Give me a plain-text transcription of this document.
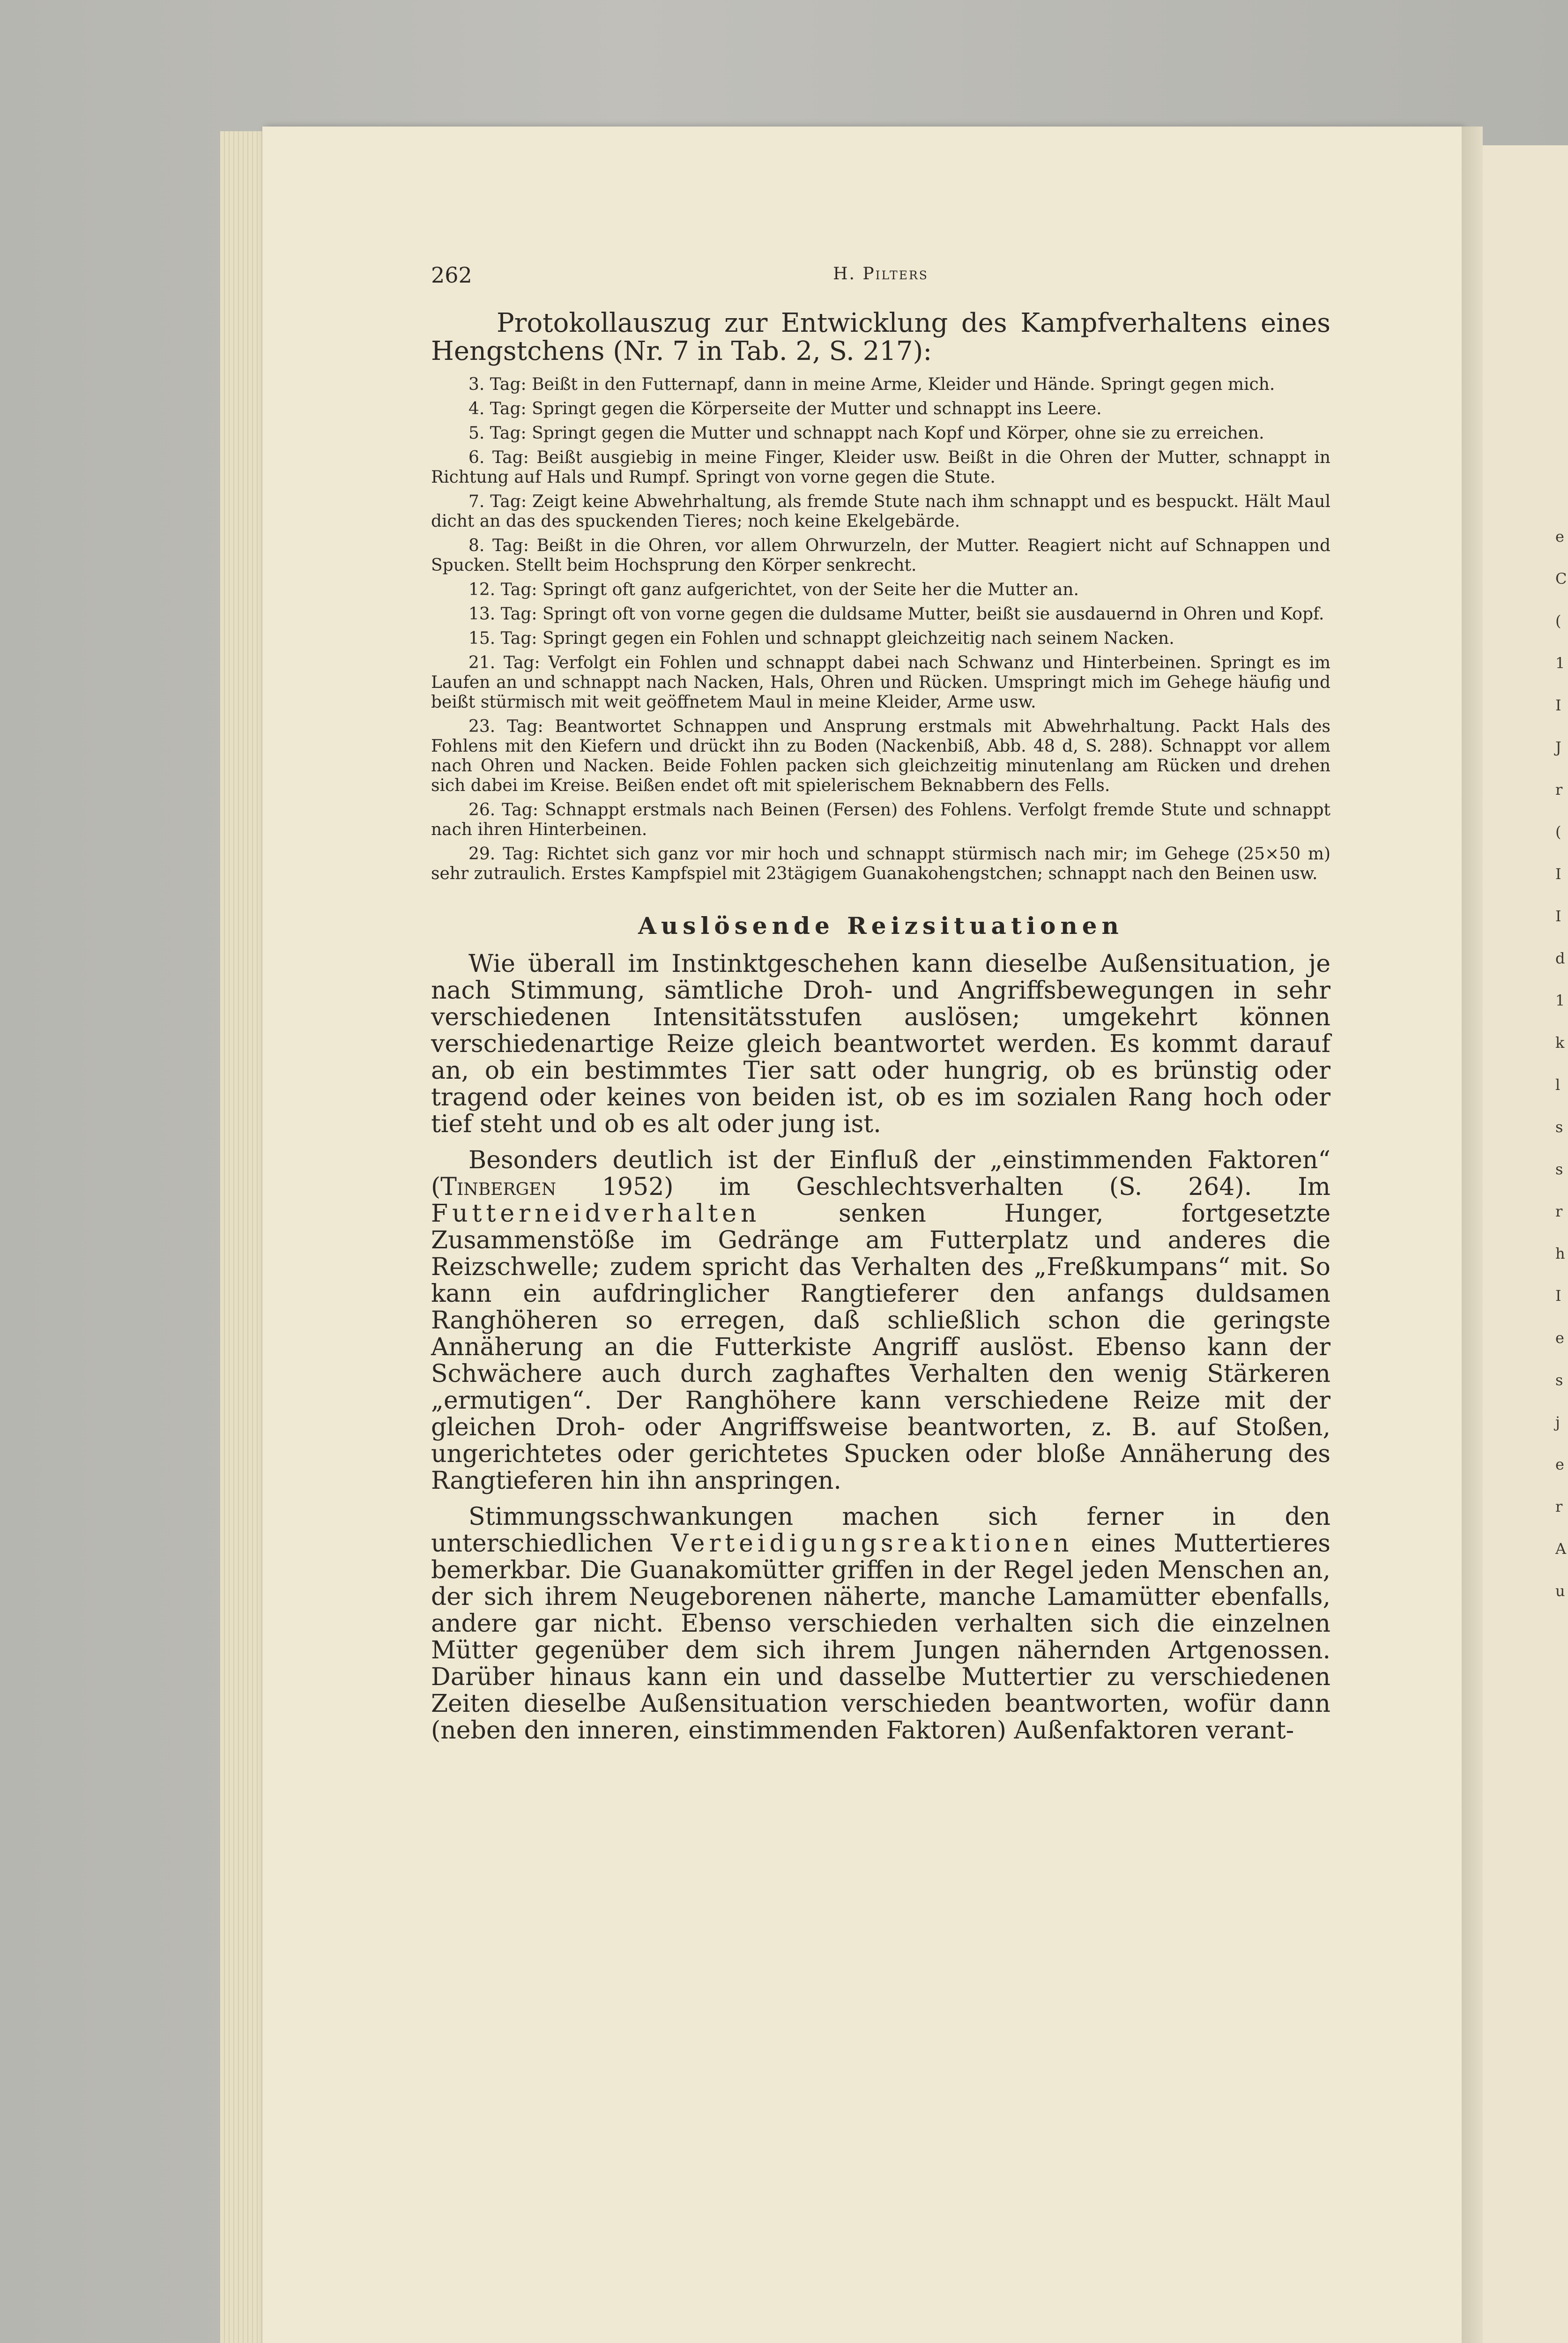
262	H. Pilters

Protokollauszug zur Entwicklung des Kampfverhaltens eines Hengstchens (Nr. 7 in Tab. 2, S. 217):

3. Tag: Beißt in den Futternapf, dann in meine Arme, Kleider und Hände. Springt gegen mich.

4. Tag: Springt gegen die Körperseite der Mutter und schnappt ins Leere.

5. Tag: Springt gegen die Mutter und schnappt nach Kopf und Körper, ohne sie zu erreichen.

6. Tag: Beißt ausgiebig in meine Finger, Kleider usw. Beißt in die Ohren der Mutter, schnappt in Richtung auf Hals und Rumpf. Springt von vorne gegen die Stute.

7. Tag: Zeigt keine Abwehrhaltung, als fremde Stute nach ihm schnappt und es bespuckt. Hält Maul dicht an das des spuckenden Tieres; noch keine Ekelgebärde.

8. Tag: Beißt in die Ohren, vor allem Ohrwurzeln, der Mutter. Reagiert nicht auf Schnappen und Spucken. Stellt beim Hochsprung den Körper senkrecht.

12. Tag: Springt oft ganz aufgerichtet, von der Seite her die Mutter an.

13. Tag: Springt oft von vorne gegen die duldsame Mutter, beißt sie ausdauernd in Ohren und Kopf.

15. Tag: Springt gegen ein Fohlen und schnappt gleichzeitig nach seinem Nacken.

21. Tag: Verfolgt ein Fohlen und schnappt dabei nach Schwanz und Hinterbeinen. Springt es im Laufen an und schnappt nach Nacken, Hals, Ohren und Rücken. Umspringt mich im Gehege häufig und beißt stürmisch mit weit geöffnetem Maul in meine Kleider, Arme usw.

23. Tag: Beantwortet Schnappen und Ansprung erstmals mit Abwehrhaltung. Packt Hals des Fohlens mit den Kiefern und drückt ihn zu Boden (Nackenbiß, Abb. 48 d, S. 288). Schnappt vor allem nach Ohren und Nacken. Beide Fohlen packen sich gleichzeitig minutenlang am Rücken und drehen sich dabei im Kreise. Beißen endet oft mit spielerischem Beknabbern des Fells.

26. Tag: Schnappt erstmals nach Beinen (Fersen) des Fohlens. Verfolgt fremde Stute und schnappt nach ihren Hinterbeinen.

29. Tag: Richtet sich ganz vor mir hoch und schnappt stürmisch nach mir; im Gehege (25×50 m) sehr zutraulich. Erstes Kampfspiel mit 23tägigem Guanakohengstchen; schnappt nach den Beinen usw.

Auslösende Reizsituationen

Wie überall im Instinktgeschehen kann dieselbe Außensituation, je nach Stimmung, sämtliche Droh- und Angriffsbewegungen in sehr verschiedenen Intensitätsstufen auslösen; umgekehrt können verschiedenartige Reize gleich beantwortet werden. Es kommt darauf an, ob ein bestimmtes Tier satt oder hungrig, ob es brünstig oder tragend oder keines von beiden ist, ob es im sozialen Rang hoch oder tief steht und ob es alt oder jung ist.

Besonders deutlich ist der Einfluß der „einstimmenden Faktoren“ (Tinbergen 1952) im Geschlechtsverhalten (S. 264). Im Futterneidverhalten senken Hunger, fortgesetzte Zusammenstöße im Gedränge am Futterplatz und anderes die Reizschwelle; zudem spricht das Verhalten des „Freßkumpans“ mit. So kann ein aufdringlicher Rangtieferer den anfangs duldsamen Ranghöheren so erregen, daß schließlich schon die geringste Annäherung an die Futterkiste Angriff auslöst. Ebenso kann der Schwächere auch durch zaghaftes Verhalten den wenig Stärkeren „ermutigen“. Der Ranghöhere kann verschiedene Reize mit der gleichen Droh- oder Angriffsweise beantworten, z. B. auf Stoßen, ungerichtetes oder gerichtetes Spucken oder bloße Annäherung des Rangtieferen hin ihn anspringen.

Stimmungsschwankungen machen sich ferner in den unterschiedlichen Verteidigungsreaktionen eines Muttertieres bemerkbar. Die Guanakomütter griffen in der Regel jeden Menschen an, der sich ihrem Neugeborenen näherte, manche Lamamütter ebenfalls, andere gar nicht. Ebenso verschieden verhalten sich die einzelnen Mütter gegenüber dem sich ihrem Jungen nähernden Artgenossen. Darüber hinaus kann ein und dasselbe Muttertier zu verschiedenen Zeiten dieselbe Außensituation verschieden beantworten, wofür dann (neben den inneren, einstimmenden Faktoren) Außenfaktoren verant-

e
C
(
1
I
J
r
(
I
I
d
1
k
l
s
s
r
h
I
e
s
j
e
r
A
u
